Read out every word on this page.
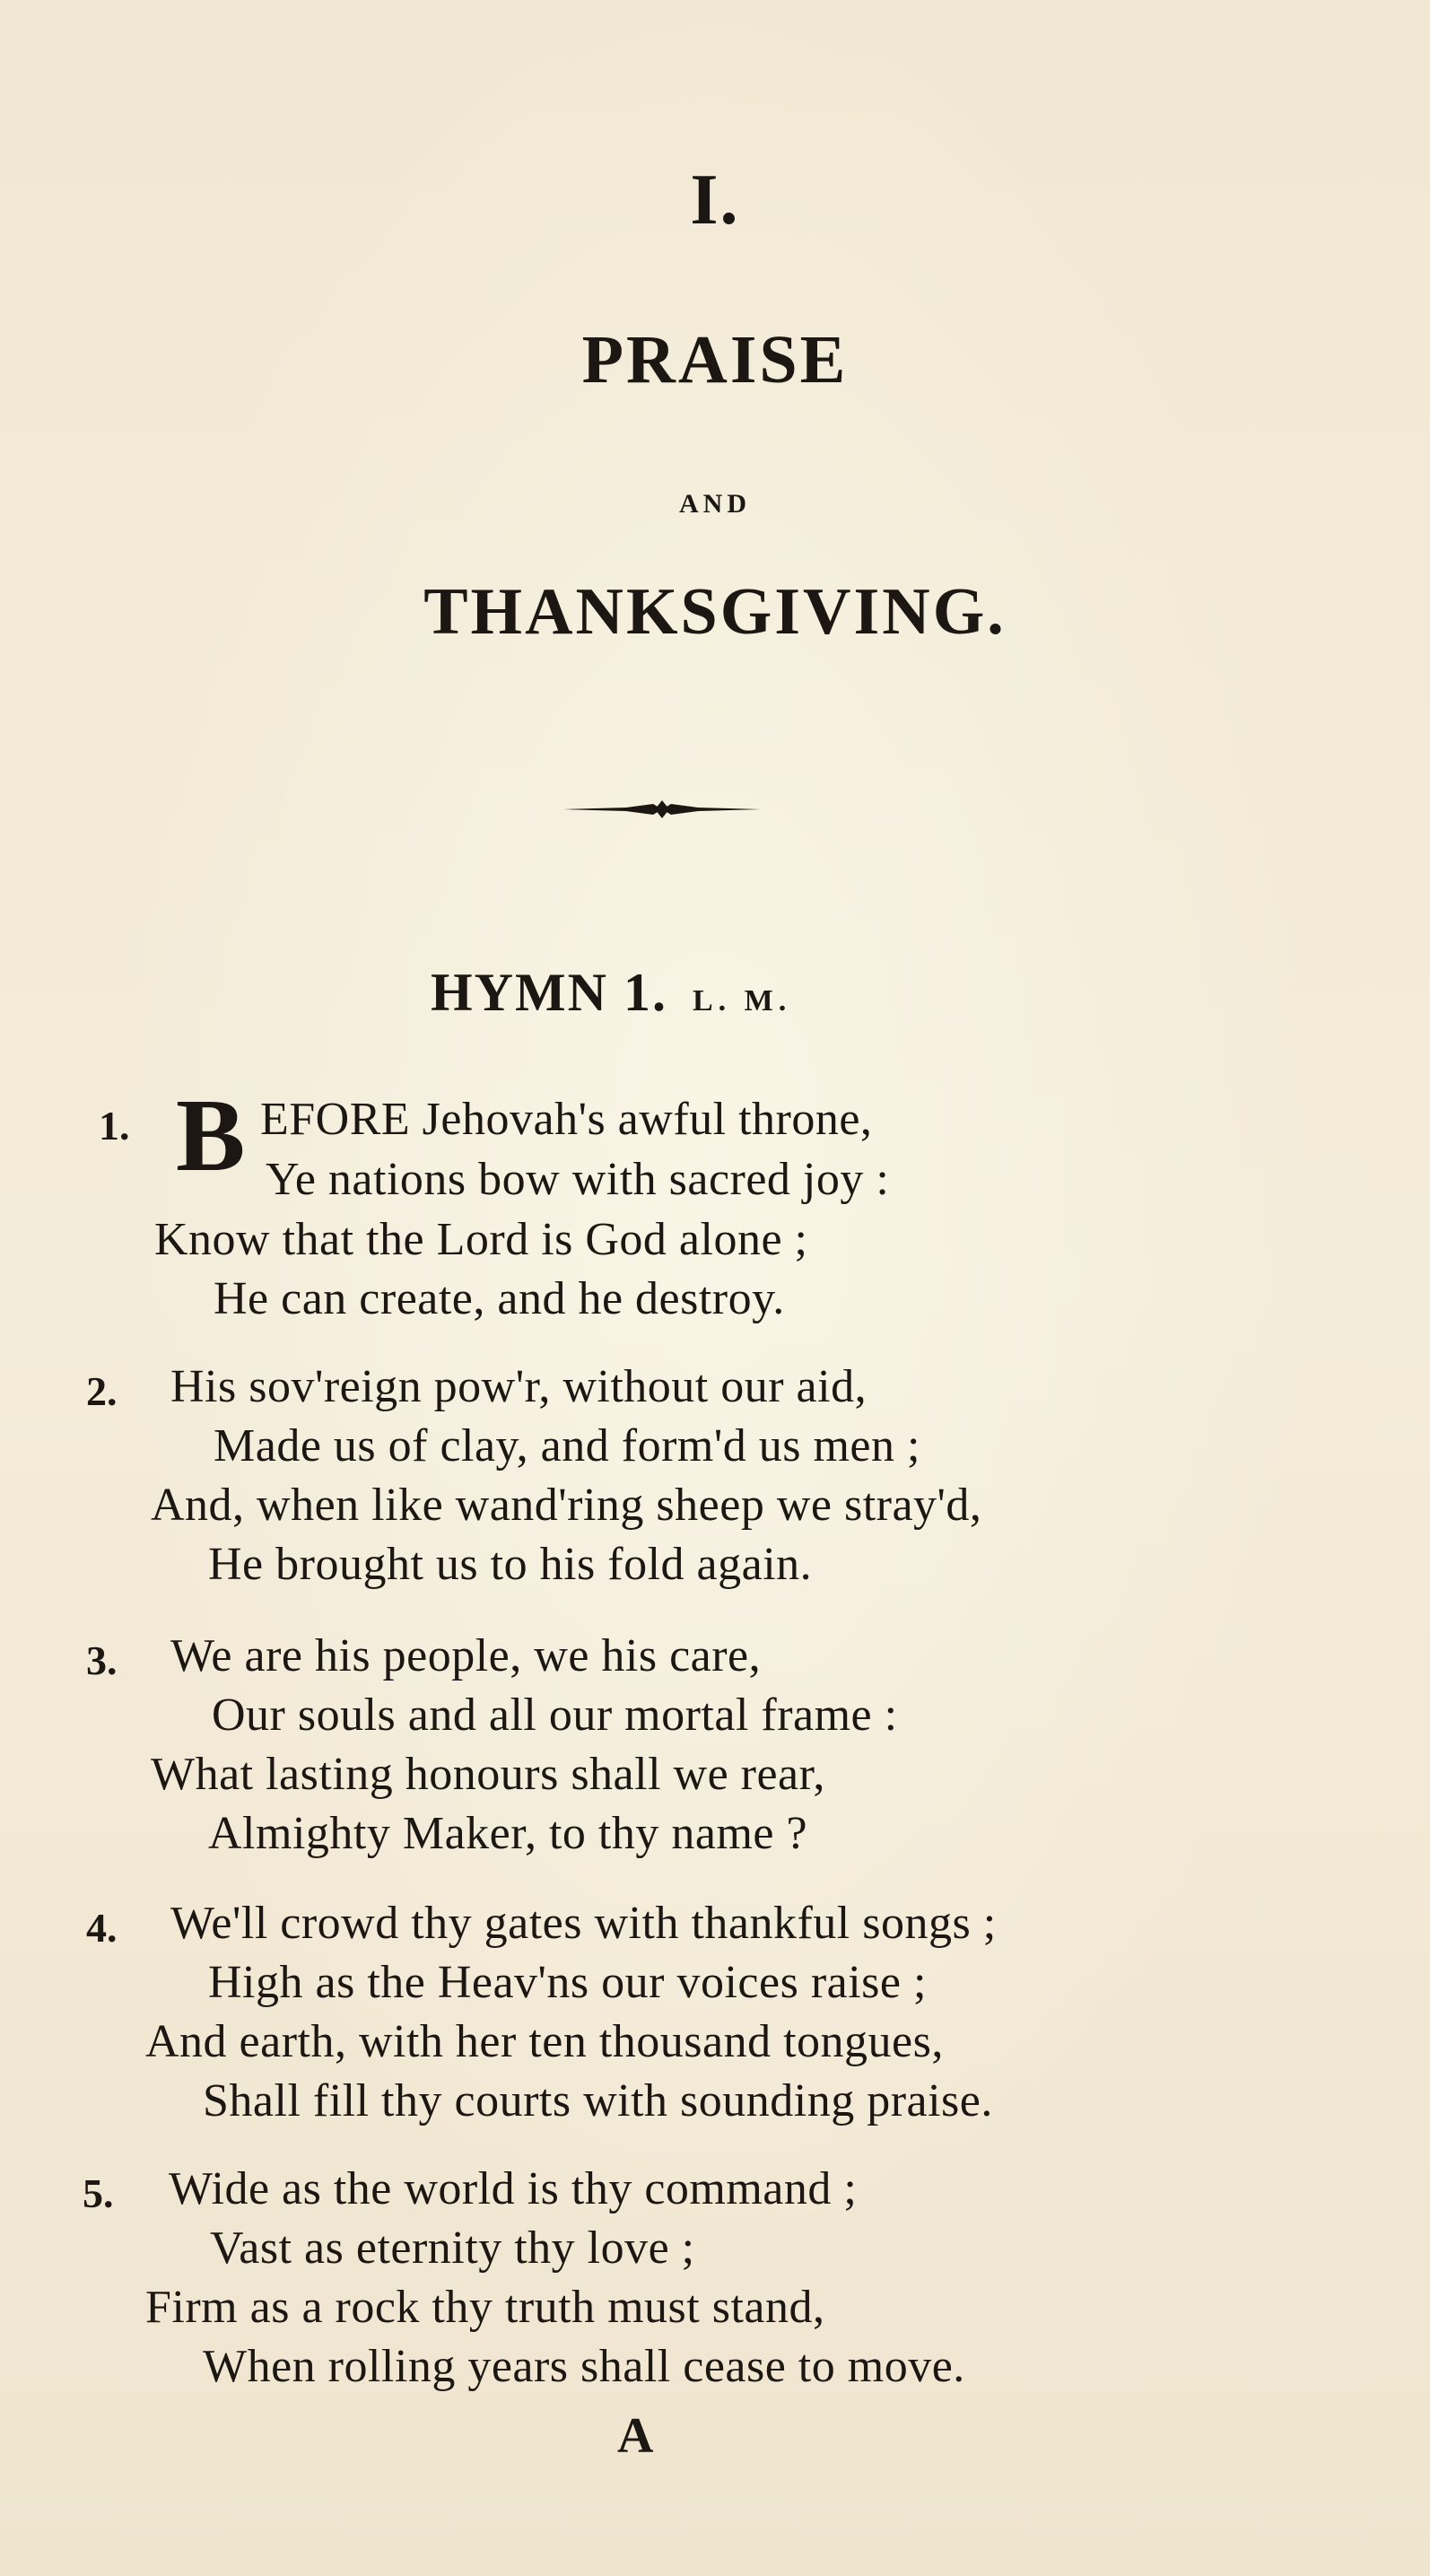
I.
PRAISE
AND
THANKSGIVING.
HYMN 1. L. M.
1. B EFORE Jehovah's awful throne,
Ye nations bow with sacred joy :
Know that the Lord is God alone ;
He can create, and he destroy.
2. His sov'reign pow'r, without our aid,
Made us of clay, and form'd us men ;
And, when like wand'ring sheep we stray'd,
He brought us to his fold again.
3. We are his people, we his care,
Our souls and all our mortal frame :
What lasting honours shall we rear,
Almighty Maker, to thy name ?
4. We'll crowd thy gates with thankful songs ;
High as the Heav'ns our voices raise ;
And earth, with her ten thousand tongues,
Shall fill thy courts with sounding praise.
5. Wide as the world is thy command ;
Vast as eternity thy love ;
Firm as a rock thy truth must stand,
When rolling years shall cease to move.
A
